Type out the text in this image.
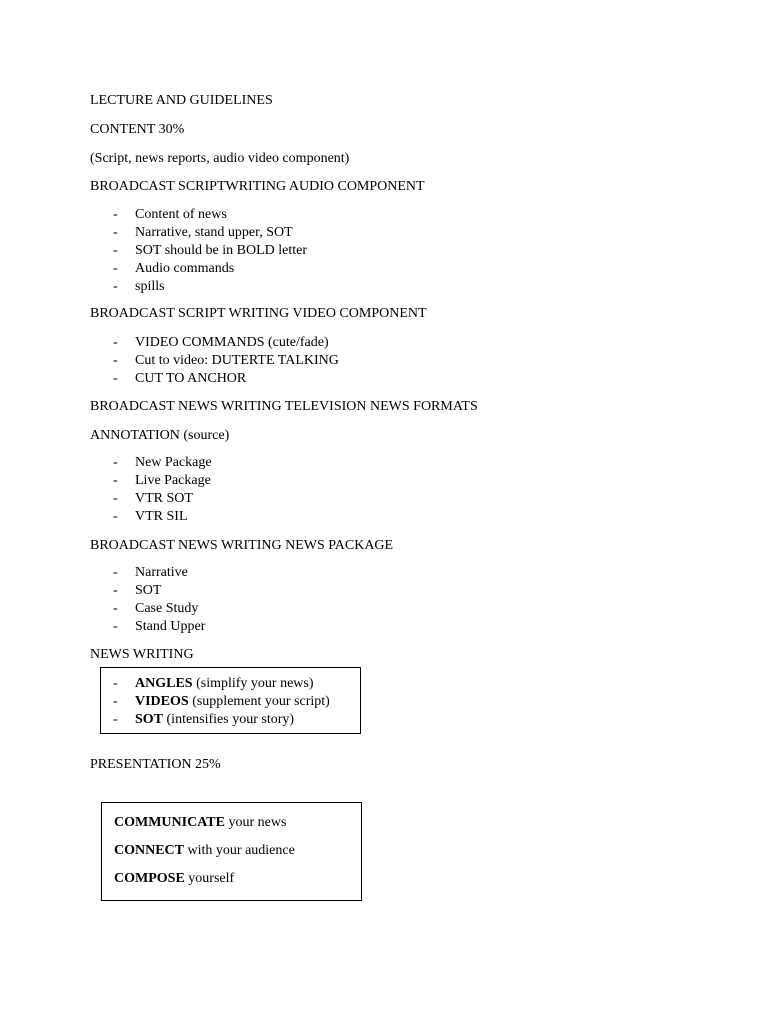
LECTURE AND GUIDELINES
CONTENT 30%
(Script, news reports, audio video component)
BROADCAST SCRIPTWRITING AUDIO COMPONENT
- Content of news
- Narrative, stand upper, SOT
- SOT should be in BOLD letter
- Audio commands
- spills
BROADCAST SCRIPT WRITING VIDEO COMPONENT
- VIDEO COMMANDS (cute/fade)
- Cut to video: DUTERTE TALKING
- CUT TO ANCHOR
BROADCAST NEWS WRITING TELEVISION NEWS FORMATS
ANNOTATION (source)
- New Package
- Live Package
- VTR SOT
- VTR SIL
BROADCAST NEWS WRITING NEWS PACKAGE
- Narrative
- SOT
- Case Study
- Stand Upper
NEWS WRITING
- ANGLES (simplify your news)
- VIDEOS (supplement your script)
- SOT (intensifies your story)
PRESENTATION 25%

COMMUNICATE your news

CONNECT with your audience

COMPOSE yourself
